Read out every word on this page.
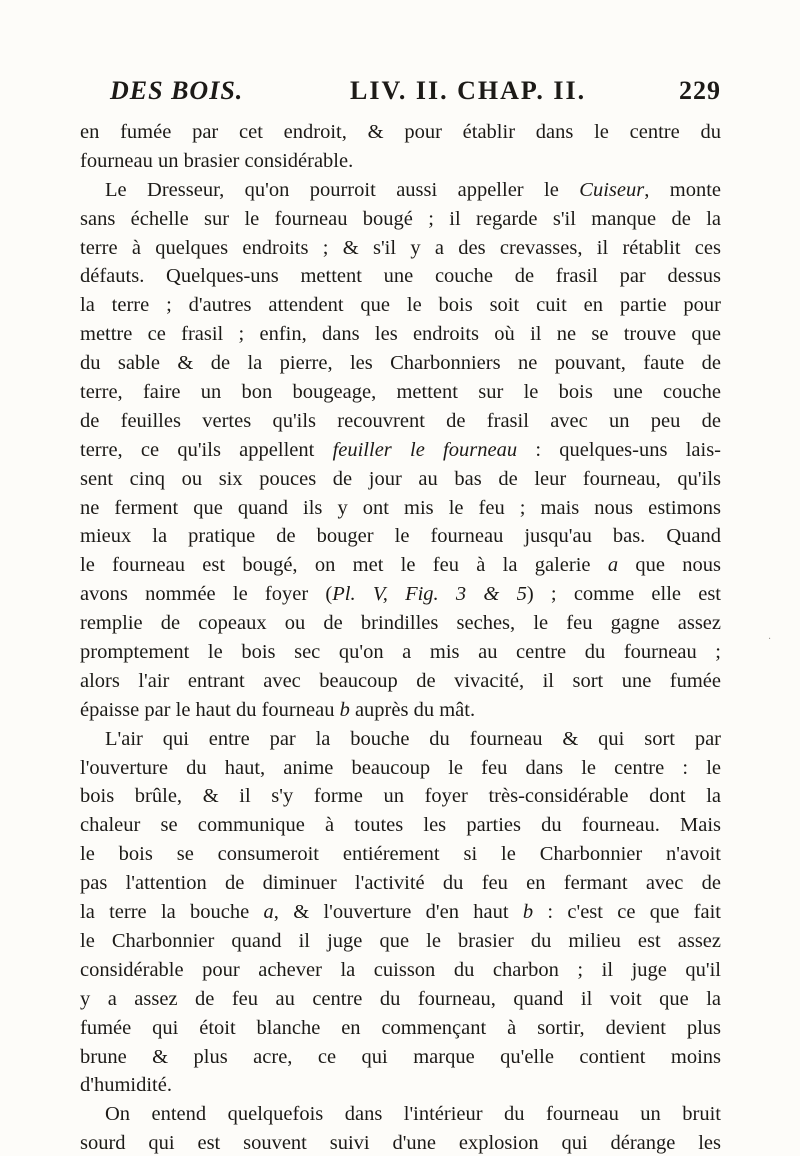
DES BOIS.	LIV. II. CHAP. II.	229
en fumée par cet endroit, & pour établir dans le centre du
fourneau un brasier considérable.
Le Dresseur, qu'on pourroit aussi appeller le Cuiseur, monte
sans échelle sur le fourneau bougé ; il regarde s'il manque de la
terre à quelques endroits ; & s'il y a des crevasses, il rétablit ces
défauts. Quelques-uns mettent une couche de frasil par dessus
la terre ; d'autres attendent que le bois soit cuit en partie pour
mettre ce frasil ; enfin, dans les endroits où il ne se trouve que
du sable & de la pierre, les Charbonniers ne pouvant, faute de
terre, faire un bon bougeage, mettent sur le bois une couche
de feuilles vertes qu'ils recouvrent de frasil avec un peu de
terre, ce qu'ils appellent feuiller le fourneau : quelques-uns lais-
sent cinq ou six pouces de jour au bas de leur fourneau, qu'ils
ne ferment que quand ils y ont mis le feu ; mais nous estimons
mieux la pratique de bouger le fourneau jusqu'au bas. Quand
le fourneau est bougé, on met le feu à la galerie a que nous
avons nommée le foyer (Pl. V, Fig. 3 & 5) ; comme elle est
remplie de copeaux ou de brindilles seches, le feu gagne assez
promptement le bois sec qu'on a mis au centre du fourneau ;
alors l'air entrant avec beaucoup de vivacité, il sort une fumée
épaisse par le haut du fourneau b auprès du mât.
L'air qui entre par la bouche du fourneau & qui sort par
l'ouverture du haut, anime beaucoup le feu dans le centre : le
bois brûle, & il s'y forme un foyer très-considérable dont la
chaleur se communique à toutes les parties du fourneau. Mais
le bois se consumeroit entiérement si le Charbonnier n'avoit
pas l'attention de diminuer l'activité du feu en fermant avec de
la terre la bouche a, & l'ouverture d'en haut b : c'est ce que fait
le Charbonnier quand il juge que le brasier du milieu est assez
considérable pour achever la cuisson du charbon ; il juge qu'il
y a assez de feu au centre du fourneau, quand il voit que la
fumée qui étoit blanche en commençant à sortir, devient plus
brune & plus acre, ce qui marque qu'elle contient moins
d'humidité.
On entend quelquefois dans l'intérieur du fourneau un bruit
sourd qui est souvent suivi d'une explosion qui dérange les
·
